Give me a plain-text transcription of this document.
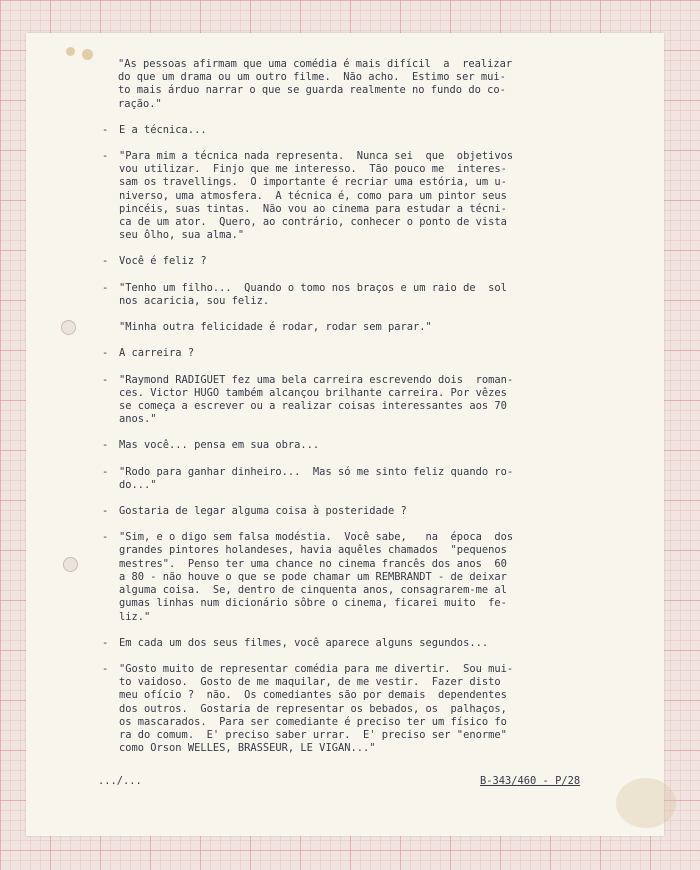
"As pessoas afirmam que uma comédia é mais difícil  a  realizar
do que um drama ou um outro filme.  Não acho.  Estimo ser mui-
to mais árduo narrar o que se guarda realmente no fundo do co-
ração."
-	E a técnica...
-	"Para mim a técnica nada representa.  Nunca sei  que  objetivos
vou utilizar.  Finjo que me interesso.  Tão pouco me  interes-
sam os travellings.  O importante é recriar uma estória, um u-
niverso, uma atmosfera.  A técnica é, como para um pintor seus
pincéis, suas tintas.  Não vou ao cinema para estudar a técni-
ca de um ator.  Quero, ao contrário, conhecer o ponto de vista
seu ôlho, sua alma."
-	Você é feliz ?
-	"Tenho um filho...  Quando o tomo nos braços e um raio de  sol
nos acaricia, sou feliz.

"Minha outra felicidade é rodar, rodar sem parar."
-	A carreira ?
-	"Raymond RADIGUET fez uma bela carreira escrevendo dois  roman-
ces. Victor HUGO também alcançou brilhante carreira. Por vêzes
se começa a escrever ou a realizar coisas interessantes aos 70
anos."
-	Mas você... pensa em sua obra...
-	"Rodo para ganhar dinheiro...  Mas só me sinto feliz quando ro-
do..."
-	Gostaria de legar alguma coisa à posteridade ?
-	"Sim, e o digo sem falsa modéstia.  Você sabe,   na  época  dos
grandes pintores holandeses, havia aquêles chamados  "pequenos
mestres".  Penso ter uma chance no cinema francês dos anos  60
a 80 - não houve o que se pode chamar um REMBRANDT - de deixar
alguma coisa.  Se, dentro de cinquenta anos, consagrarem-me al
gumas linhas num dicionário sôbre o cinema, ficarei muito  fe-
liz."
-	Em cada um dos seus filmes, você aparece alguns segundos...
-	"Gosto muito de representar comédia para me divertir.  Sou mui-
to vaidoso.  Gosto de me maquilar, de me vestir.  Fazer disto
meu ofício ?  não.  Os comediantes são por demais  dependentes
dos outros.  Gostaria de representar os bebados, os  palhaços,
os mascarados.  Para ser comediante é preciso ter um físico fo
ra do comum.  E' preciso saber urrar.  E' preciso ser "enorme"
como Orson WELLES, BRASSEUR, LE VIGAN..."
.../...	B-343/460 - P/28
